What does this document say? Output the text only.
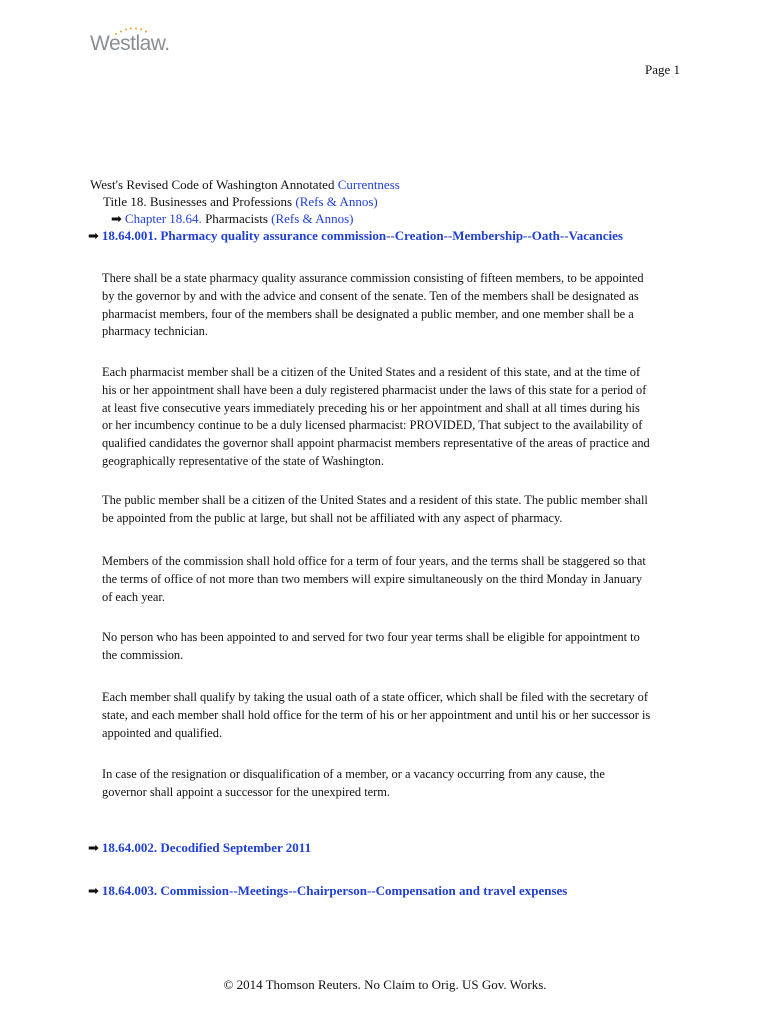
Westlaw.
Page 1
West's Revised Code of Washington Annotated Currentness
Title 18. Businesses and Professions (Refs & Annos)
➡ Chapter 18.64. Pharmacists (Refs & Annos)
➡ 18.64.001. Pharmacy quality assurance commission--Creation--Membership--Oath--Vacancies

There shall be a state pharmacy quality assurance commission consisting of fifteen members, to be appointed
by the governor by and with the advice and consent of the senate. Ten of the members shall be designated as
pharmacist members, four of the members shall be designated a public member, and one member shall be a
pharmacy technician.

Each pharmacist member shall be a citizen of the United States and a resident of this state, and at the time of
his or her appointment shall have been a duly registered pharmacist under the laws of this state for a period of
at least five consecutive years immediately preceding his or her appointment and shall at all times during his
or her incumbency continue to be a duly licensed pharmacist: PROVIDED, That subject to the availability of
qualified candidates the governor shall appoint pharmacist members representative of the areas of practice and
geographically representative of the state of Washington.

The public member shall be a citizen of the United States and a resident of this state. The public member shall
be appointed from the public at large, but shall not be affiliated with any aspect of pharmacy.

Members of the commission shall hold office for a term of four years, and the terms shall be staggered so that
the terms of office of not more than two members will expire simultaneously on the third Monday in January
of each year.

No person who has been appointed to and served for two four year terms shall be eligible for appointment to
the commission.

Each member shall qualify by taking the usual oath of a state officer, which shall be filed with the secretary of
state, and each member shall hold office for the term of his or her appointment and until his or her successor is
appointed and qualified.

In case of the resignation or disqualification of a member, or a vacancy occurring from any cause, the
governor shall appoint a successor for the unexpired term.

➡ 18.64.002. Decodified September 2011
➡ 18.64.003. Commission--Meetings--Chairperson--Compensation and travel expenses
© 2014 Thomson Reuters. No Claim to Orig. US Gov. Works.
